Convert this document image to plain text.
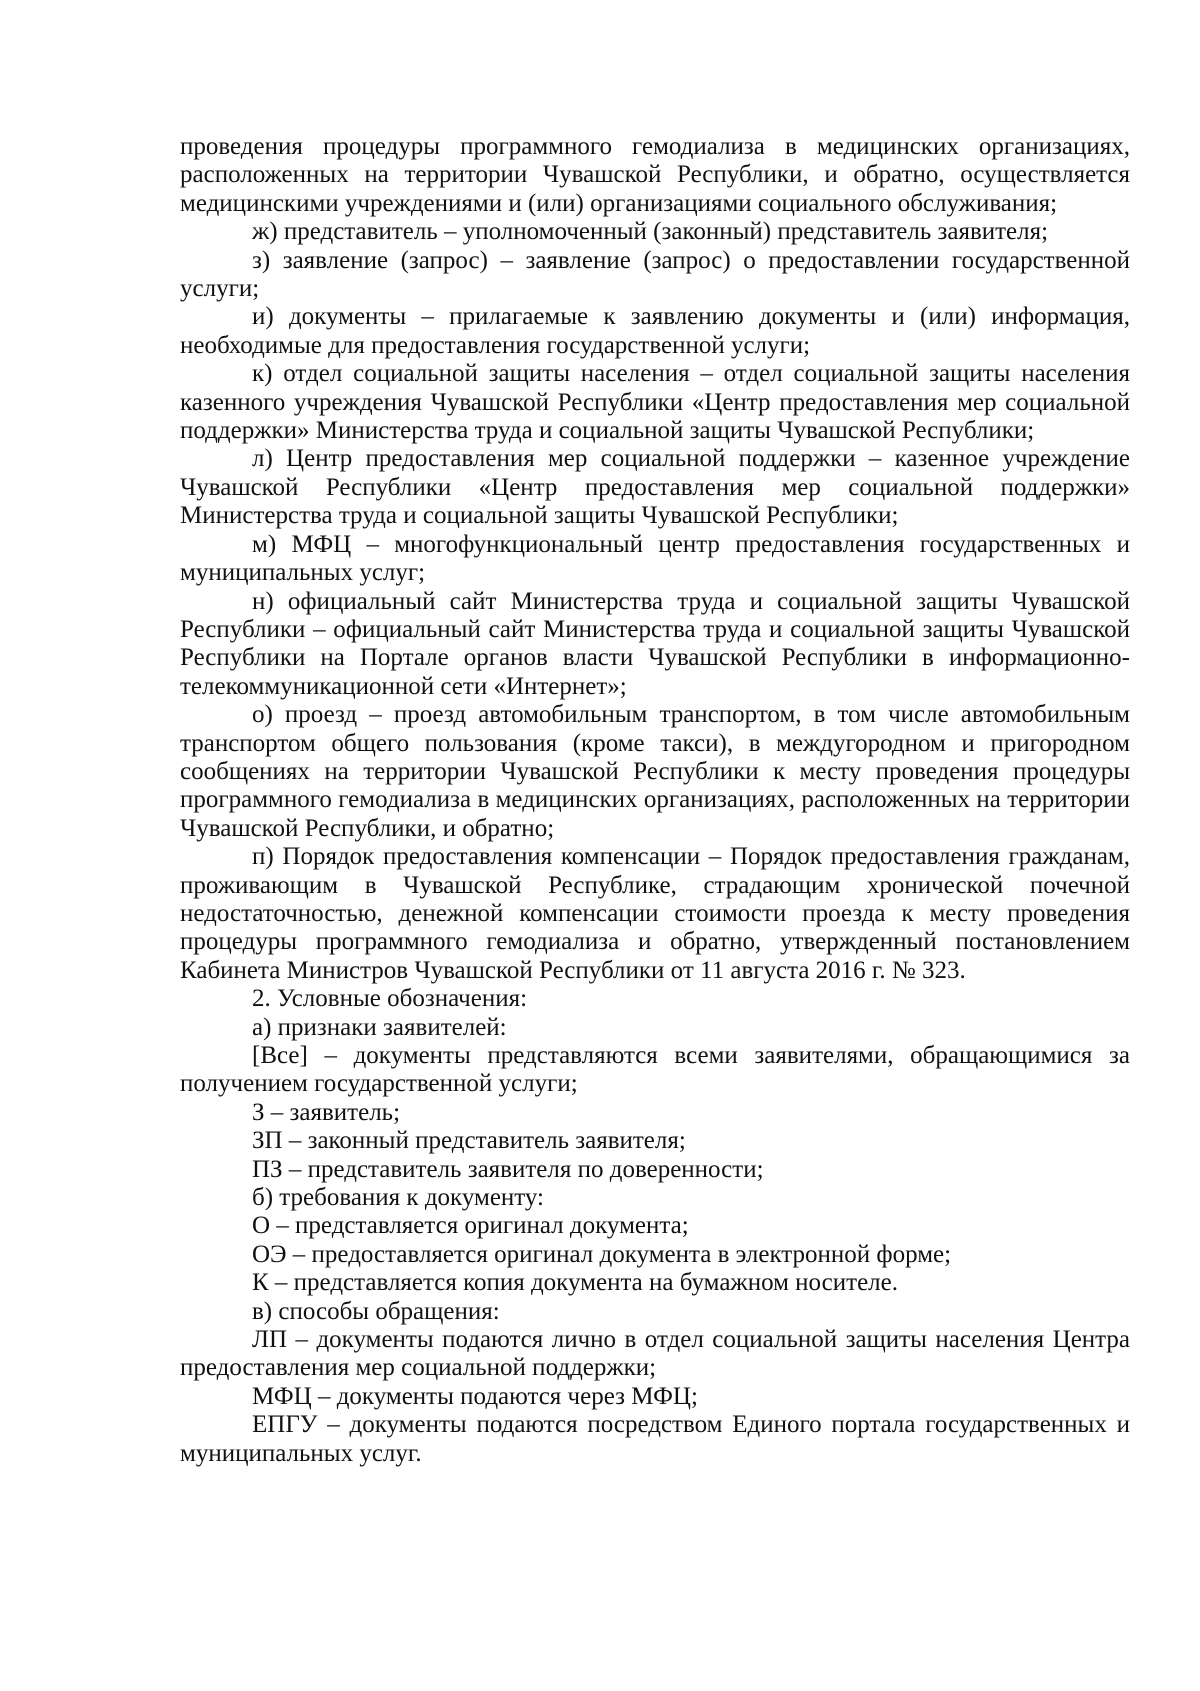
проведения процедуры программного гемодиализа в медицинских организациях, расположенных на территории Чувашской Республики, и обратно, осуществляется медицинскими учреждениями и (или) организациями социального обслуживания;

ж) представитель – уполномоченный (законный) представитель заявителя;

з) заявление (запрос) – заявление (запрос) о предоставлении государственной услуги;

и) документы – прилагаемые к заявлению документы и (или) информация, необходимые для предоставления государственной услуги;

к) отдел социальной защиты населения – отдел социальной защиты населения казенного учреждения Чувашской Республики «Центр предоставления мер социальной поддержки» Министерства труда и социальной защиты Чувашской Республики;

л) Центр предоставления мер социальной поддержки – казенное учреждение Чувашской Республики «Центр предоставления мер социальной поддержки» Министерства труда и социальной защиты Чувашской Республики;

м) МФЦ – многофункциональный центр предоставления государственных и муниципальных услуг;

н) официальный сайт Министерства труда и социальной защиты Чувашской Республики – официальный сайт Министерства труда и социальной защиты Чувашской Республики на Портале органов власти Чувашской Республики в информационно-телекоммуникационной сети «Интернет»;

о) проезд – проезд автомобильным транспортом, в том числе автомобильным транспортом общего пользования (кроме такси), в междугородном и пригородном сообщениях на территории Чувашской Республики к месту проведения процедуры программного гемодиализа в медицинских организациях, расположенных на территории Чувашской Республики, и обратно;

п) Порядок предоставления компенсации – Порядок предоставления гражданам, проживающим в Чувашской Республике, страдающим хронической почечной недостаточностью, денежной компенсации стоимости проезда к месту проведения процедуры программного гемодиализа и обратно, утвержденный постановлением Кабинета Министров Чувашской Республики от 11 августа 2016 г. № 323.

2. Условные обозначения:

а) признаки заявителей:

[Все] – документы представляются всеми заявителями, обращающимися за получением государственной услуги;

З – заявитель;

ЗП – законный представитель заявителя;

ПЗ – представитель заявителя по доверенности;

б) требования к документу:

О – представляется оригинал документа;

ОЭ – предоставляется оригинал документа в электронной форме;

К – представляется копия документа на бумажном носителе.

в) способы обращения:

ЛП – документы подаются лично в отдел социальной защиты населения Центра предоставления мер социальной поддержки;

МФЦ – документы подаются через МФЦ;

ЕПГУ – документы подаются посредством Единого портала государственных и муниципальных услуг.
